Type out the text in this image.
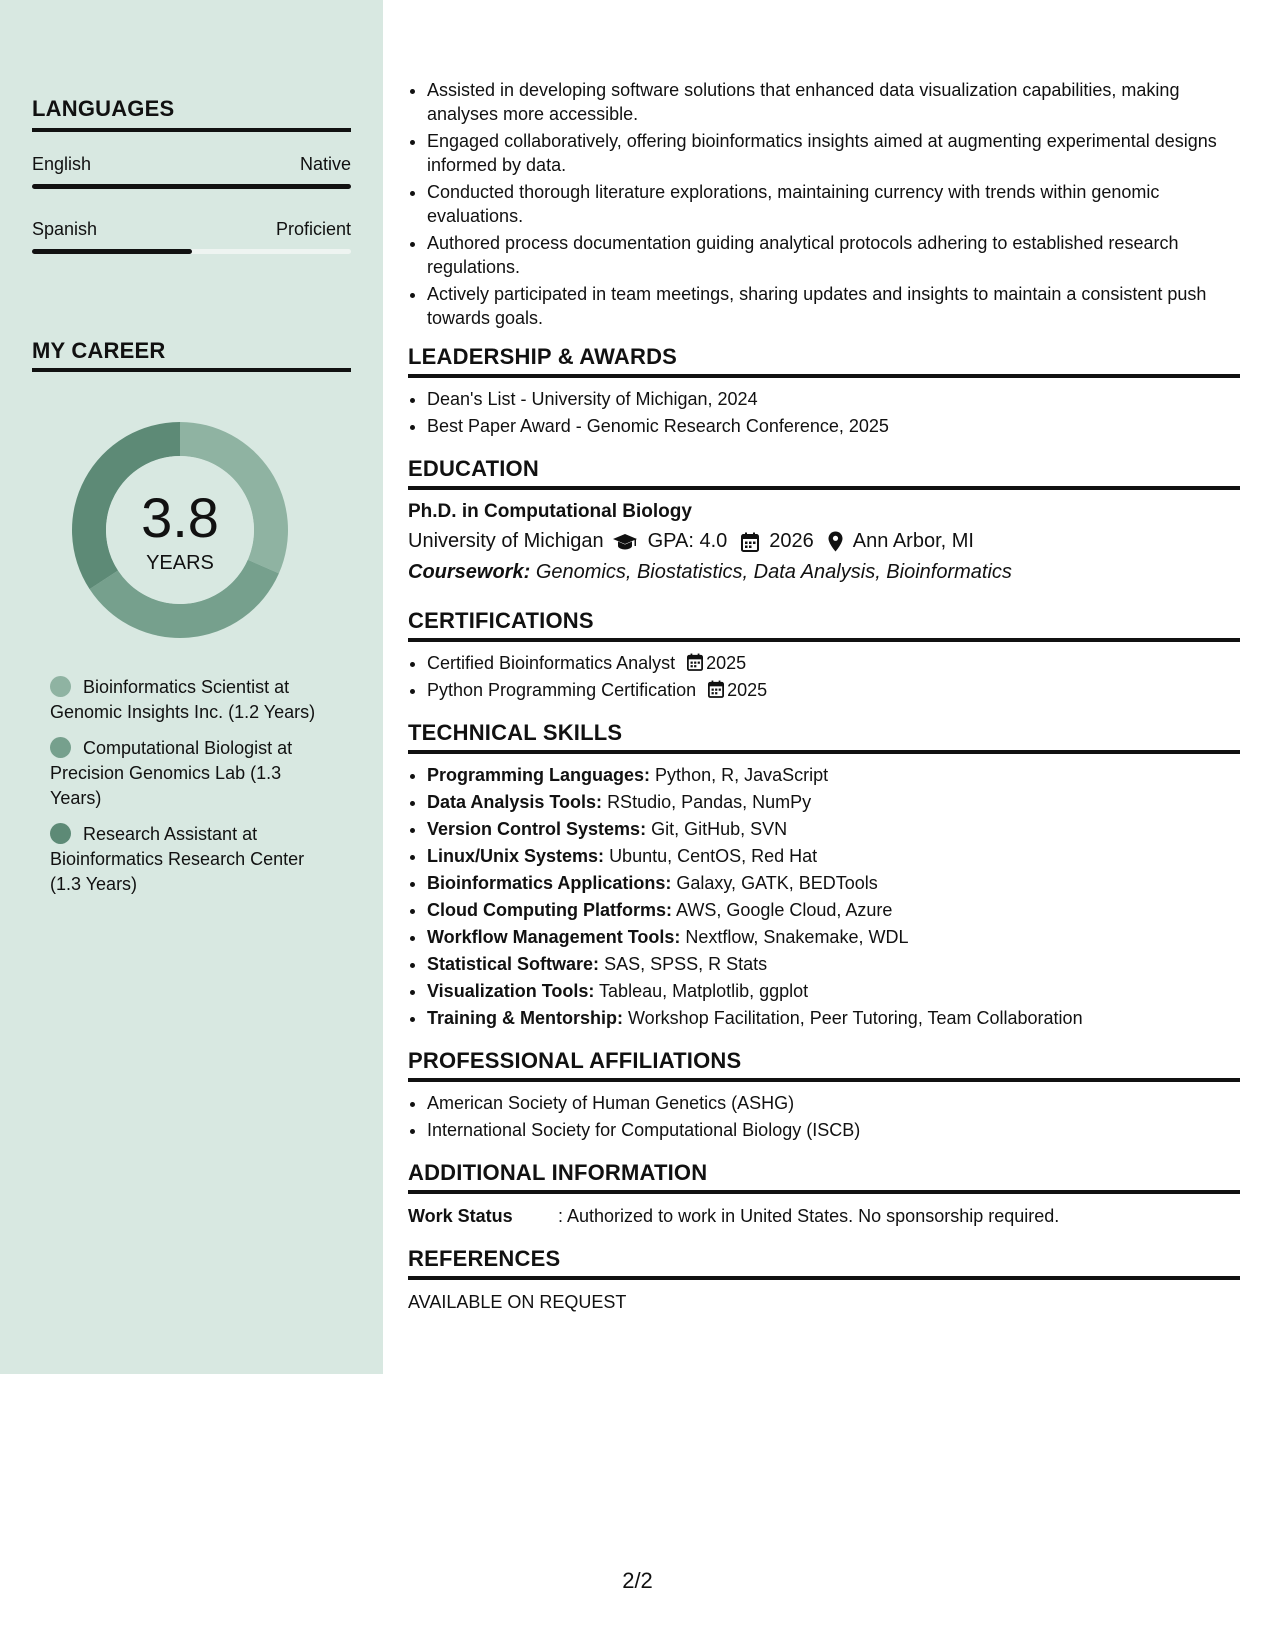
LANGUAGES
English	Native
Spanish	Proficient
MY CAREER
3.8
YEARS
Bioinformatics Scientist at Genomic Insights Inc. (1.2 Years)
Computational Biologist at Precision Genomics Lab (1.3 Years)
Research Assistant at Bioinformatics Research Center (1.3 Years)
• Assisted in developing software solutions that enhanced data visualization capabilities, making analyses more accessible.
• Engaged collaboratively, offering bioinformatics insights aimed at augmenting experimental designs informed by data.
• Conducted thorough literature explorations, maintaining currency with trends within genomic evaluations.
• Authored process documentation guiding analytical protocols adhering to established research regulations.
• Actively participated in team meetings, sharing updates and insights to maintain a consistent push towards goals.
LEADERSHIP & AWARDS
• Dean's List - University of Michigan, 2024
• Best Paper Award - Genomic Research Conference, 2025
EDUCATION
Ph.D. in Computational Biology
University of Michigan GPA: 4.0 2026 Ann Arbor, MI
Coursework: Genomics, Biostatistics, Data Analysis, Bioinformatics
CERTIFICATIONS
• Certified Bioinformatics Analyst 2025
• Python Programming Certification 2025
TECHNICAL SKILLS
• Programming Languages: Python, R, JavaScript
• Data Analysis Tools: RStudio, Pandas, NumPy
• Version Control Systems: Git, GitHub, SVN
• Linux/Unix Systems: Ubuntu, CentOS, Red Hat
• Bioinformatics Applications: Galaxy, GATK, BEDTools
• Cloud Computing Platforms: AWS, Google Cloud, Azure
• Workflow Management Tools: Nextflow, Snakemake, WDL
• Statistical Software: SAS, SPSS, R Stats
• Visualization Tools: Tableau, Matplotlib, ggplot
• Training & Mentorship: Workshop Facilitation, Peer Tutoring, Team Collaboration
PROFESSIONAL AFFILIATIONS
• American Society of Human Genetics (ASHG)
• International Society for Computational Biology (ISCB)
ADDITIONAL INFORMATION
Work Status	: Authorized to work in United States. No sponsorship required.
REFERENCES
AVAILABLE ON REQUEST
2/2
